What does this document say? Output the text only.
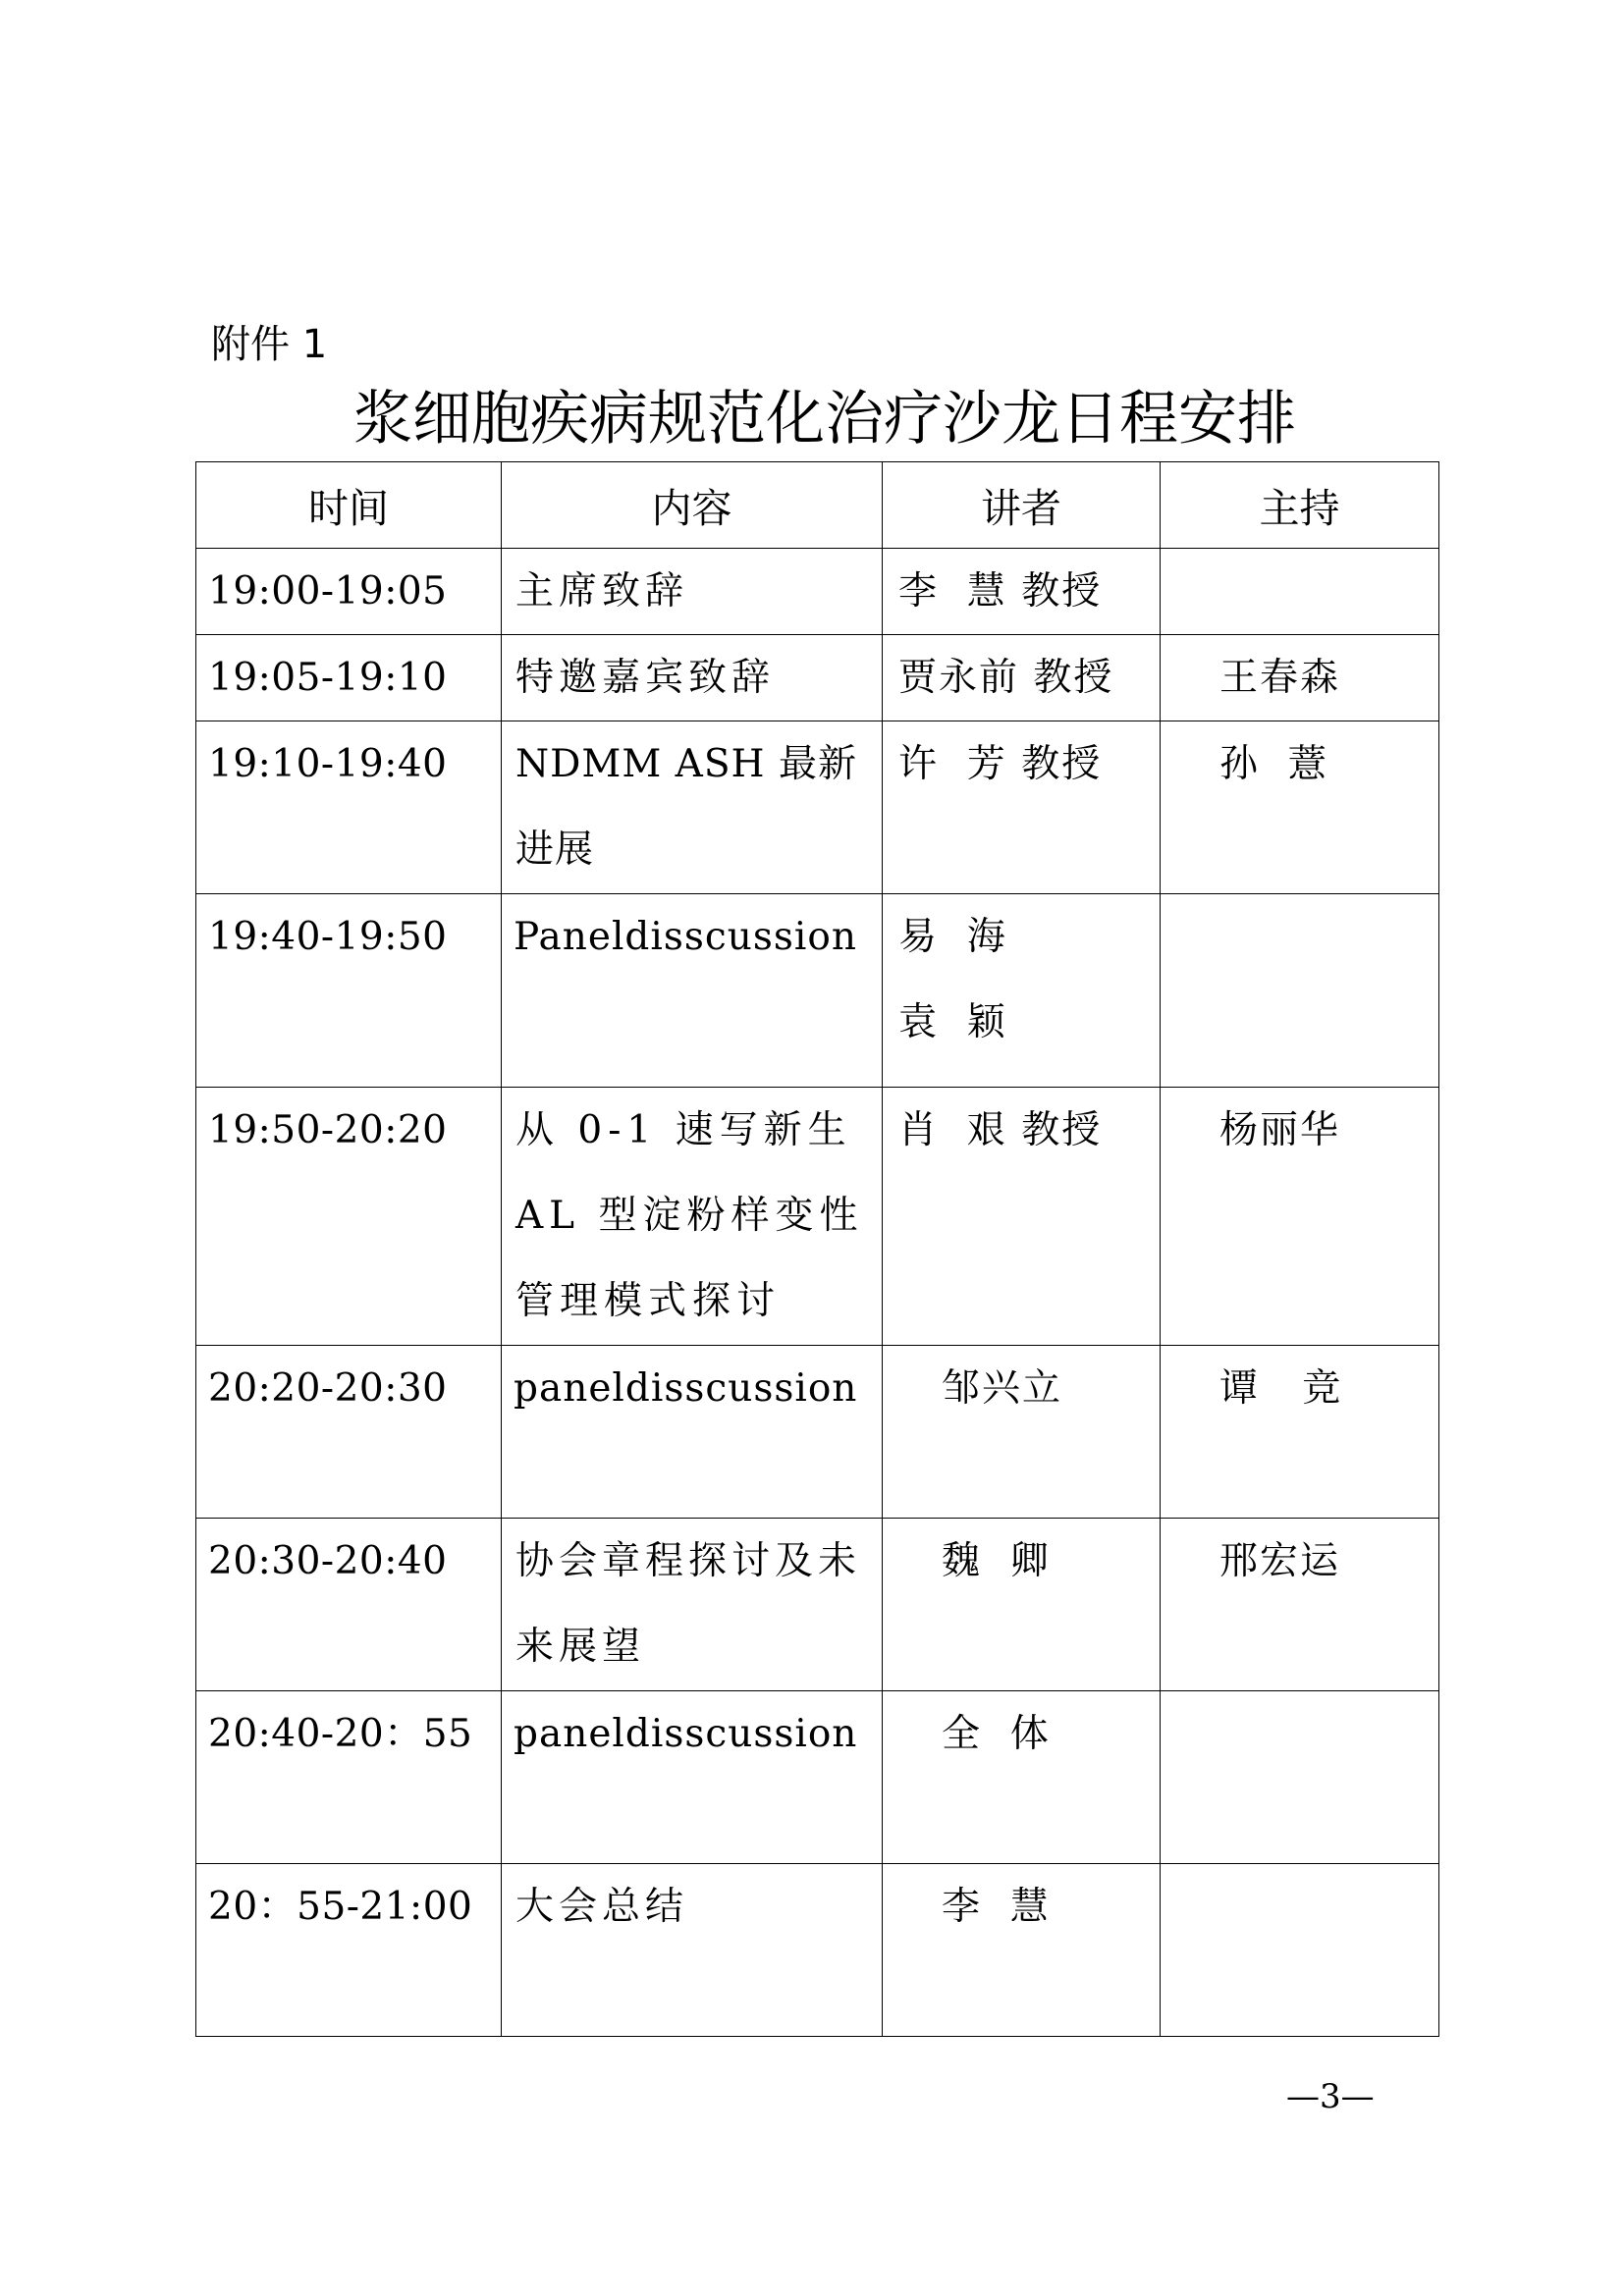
附件 1
浆细胞疾病规范化治疗沙龙日程安排
时间	内容	讲者	主持

19:00-19:05	主席致辞	李  慧 教授	

19:05-19:10	特邀嘉宾致辞	贾永前 教授	王春森

19:10-19:40	NDMM ASH 最新进展	许  芳 教授	孙  薏

19:40-19:50	Paneldisscussion	易  海
袁  颖	

19:50-20:20	从 0-1 速写新生AL 型淀粉样变性管理模式探讨	肖  艰 教授	杨丽华

20:20-20:30	paneldisscussion	邹兴立	谭   竞

20:30-20:40	协会章程探讨及未来展望	魏  卿	邢宏运

20:40-20：55	paneldisscussion	全  体	

20：55-21:00	大会总结	李  慧	

—3—
